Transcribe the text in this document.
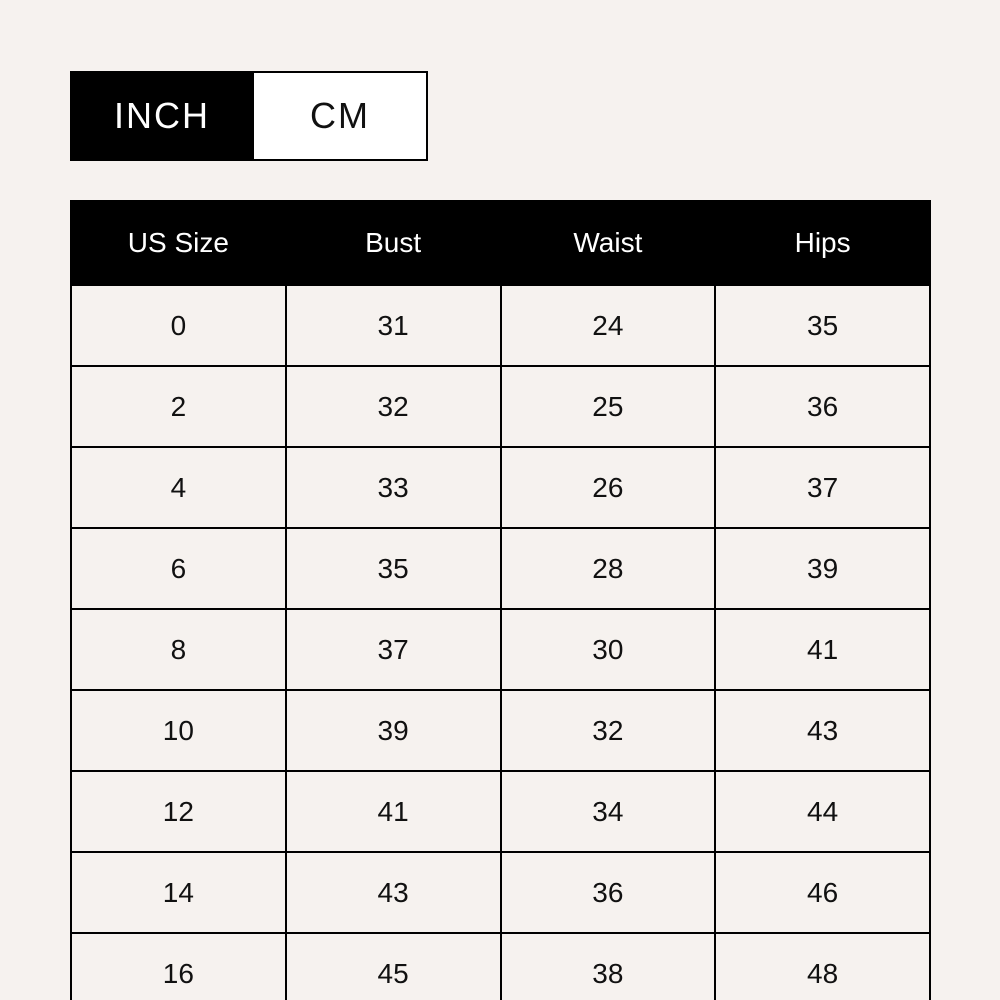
INCH	CM
US Size	Bust	Waist	Hips
0	31	24	35
2	32	25	36
4	33	26	37
6	35	28	39
8	37	30	41
10	39	32	43
12	41	34	44
14	43	36	46
16	45	38	48
